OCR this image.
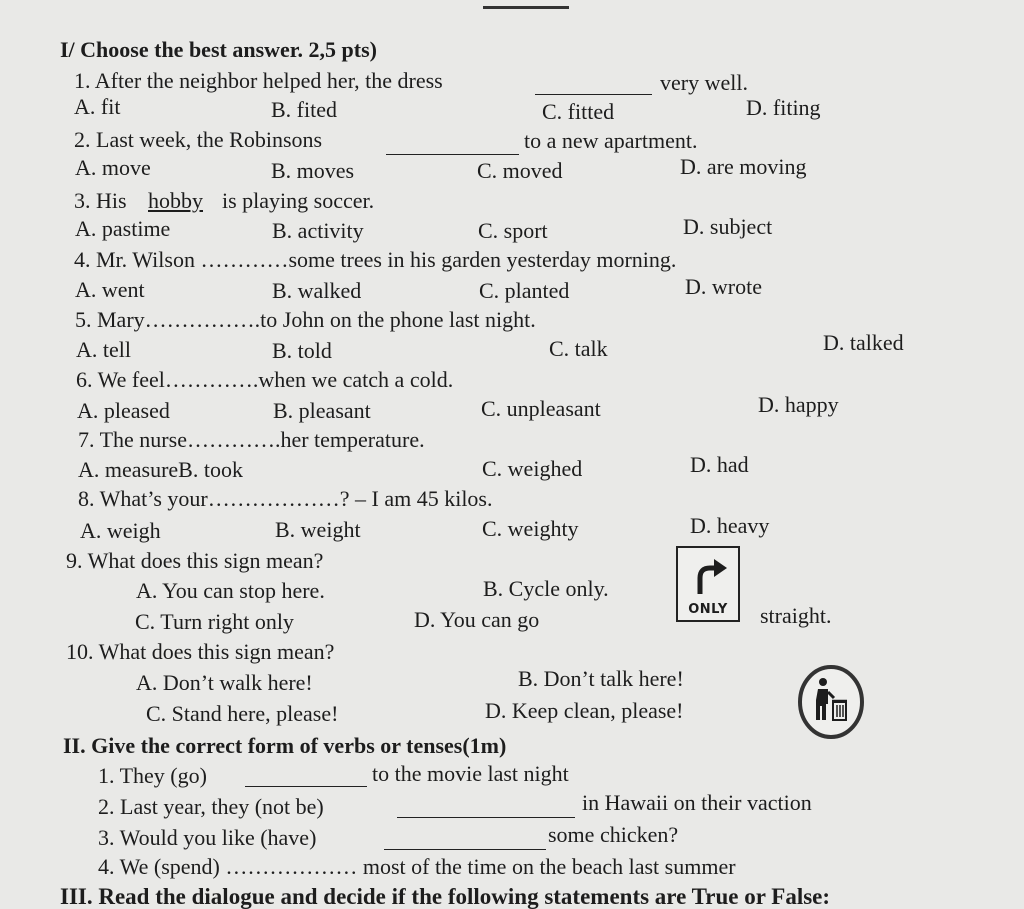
I/ Choose the best answer. 2,5 pts)
1. After the neighbor helped her, the dress	very well.
A. fit	B. fited	C. fitted	D. fiting
2. Last week, the Robinsons	to a new apartment.
A. move	B. moves	C. moved	D. are moving
3. His hobby is playing soccer.
A. pastime	B. activity	C. sport	D. subject
4. Mr. Wilson …………some trees in his garden yesterday morning.
A. went	B. walked	C. planted	D. wrote
5. Mary…………….to John on the phone last night.
A. tell	B. told	C. talk	D. talked
6. We feel………….when we catch a cold.
A. pleased	B. pleasant	C. unpleasant	D. happy
7. The nurse………….her temperature.
A. measureB. took	C. weighed	D. had
8. What’s your………………? – I am 45 kilos.
A. weigh	B. weight	C. weighty	D. heavy
9. What does this sign mean?
A. You can stop here.	B. Cycle only.
C. Turn right only	D. You can go	straight.
ONLY
10. What does this sign mean?
A. Don’t walk here!	B. Don’t talk here!
C. Stand here, please!	D. Keep clean, please!
II. Give the correct form of verbs or tenses(1m)
1. They (go)	to the movie last night
2. Last year, they (not be)	in Hawaii on their vaction
3. Would you like (have)	some chicken?
4. We (spend) ……………… most of the time on the beach last summer
III. Read the dialogue and decide if the following statements are True or False:
